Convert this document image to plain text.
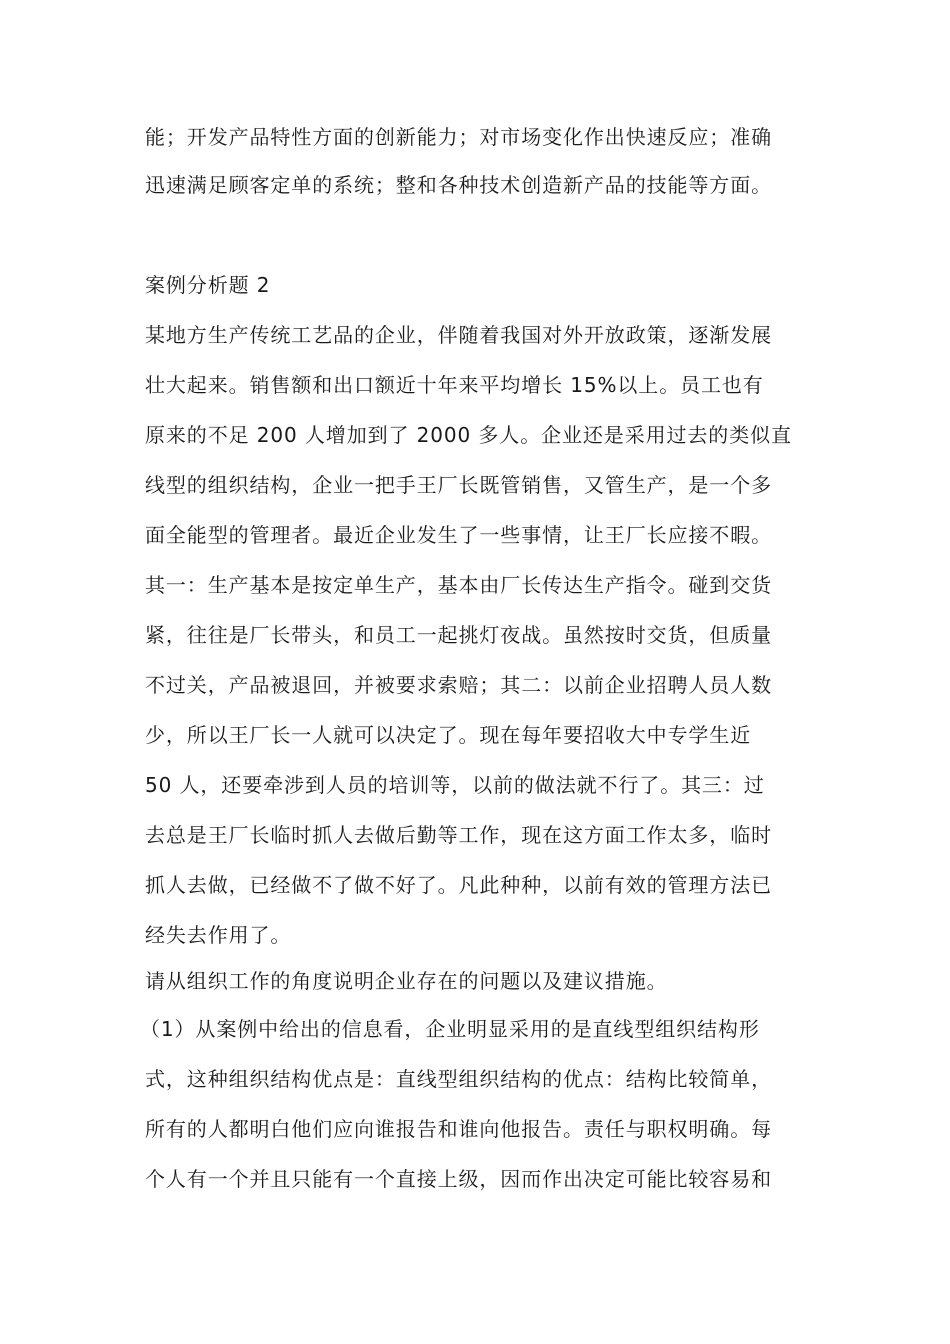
能；开发产品特性方面的创新能力；对市场变化作出快速反应；准确
迅速满足顾客定单的系统；整和各种技术创造新产品的技能等方面。
案例分析题 2
某地方生产传统工艺品的企业，伴随着我国对外开放政策，逐渐发展
壮大起来。销售额和出口额近十年来平均增长 15%以上。员工也有
原来的不足 200 人增加到了 2000 多人。企业还是采用过去的类似直
线型的组织结构，企业一把手王厂长既管销售，又管生产，是一个多
面全能型的管理者。最近企业发生了一些事情，让王厂长应接不暇。
其一：生产基本是按定单生产，基本由厂长传达生产指令。碰到交货
紧，往往是厂长带头，和员工一起挑灯夜战。虽然按时交货，但质量
不过关，产品被退回，并被要求索赔；其二：以前企业招聘人员人数
少，所以王厂长一人就可以决定了。现在每年要招收大中专学生近
50 人，还要牵涉到人员的培训等，以前的做法就不行了。其三：过
去总是王厂长临时抓人去做后勤等工作，现在这方面工作太多，临时
抓人去做，已经做不了做不好了。凡此种种，以前有效的管理方法已
经失去作用了。
请从组织工作的角度说明企业存在的问题以及建议措施。
（1）从案例中给出的信息看，企业明显采用的是直线型组织结构形
式，这种组织结构优点是：直线型组织结构的优点：结构比较简单，
所有的人都明白他们应向谁报告和谁向他报告。责任与职权明确。每
个人有一个并且只能有一个直接上级，因而作出决定可能比较容易和
